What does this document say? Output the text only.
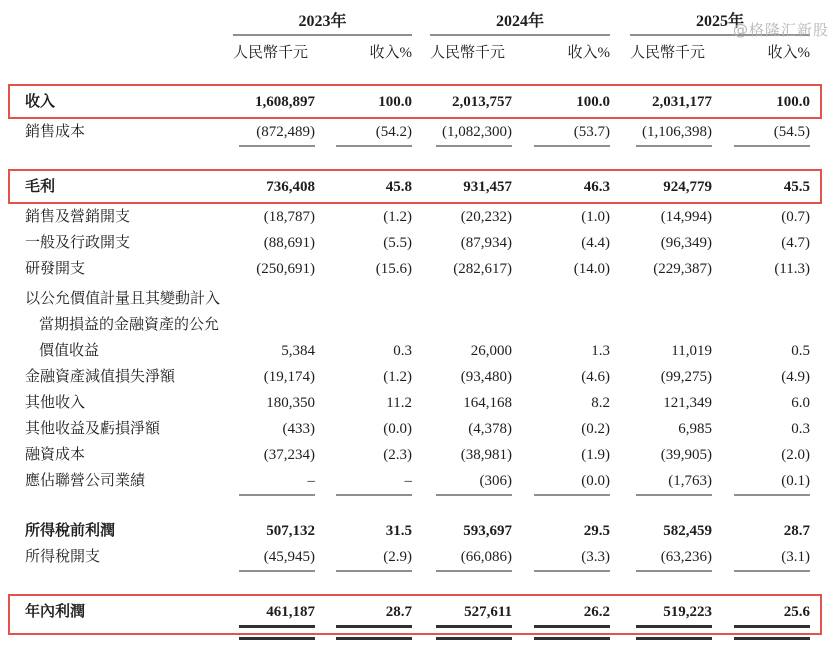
@格隆汇新股
2023年	2024年	2025年
人民幣千元	收入% 人民幣千元	收入% 人民幣千元	收入%
收入	1,608,897	100.0	2,013,757	100.0	2,031,177	100.0
銷售成本	(872,489)	(54.2)	(1,082,300)	(53.7)	(1,106,398)	(54.5)
毛利	736,408	45.8	931,457	46.3	924,779	45.5
銷售及營銷開支	(18,787)	(1.2)	(20,232)	(1.0)	(14,994)	(0.7)
一般及行政開支	(88,691)	(5.5)	(87,934)	(4.4)	(96,349)	(4.7)
研發開支	(250,691)	(15.6)	(282,617)	(14.0)	(229,387)	(11.3)
以公允價值計量且其變動計入
當期損益的金融資產的公允
價值收益	5,384	0.3	26,000	1.3	11,019	0.5
金融資產減值損失淨額	(19,174)	(1.2)	(93,480)	(4.6)	(99,275)	(4.9)
其他收入	180,350	11.2	164,168	8.2	121,349	6.0
其他收益及虧損淨額	(433)	(0.0)	(4,378)	(0.2)	6,985	0.3
融資成本	(37,234)	(2.3)	(38,981)	(1.9)	(39,905)	(2.0)
應佔聯營公司業績	–	–	(306)	(0.0)	(1,763)	(0.1)
所得稅前利潤	507,132	31.5	593,697	29.5	582,459	28.7
所得稅開支	(45,945)	(2.9)	(66,086)	(3.3)	(63,236)	(3.1)
年內利潤	461,187	28.7	527,611	26.2	519,223	25.6
